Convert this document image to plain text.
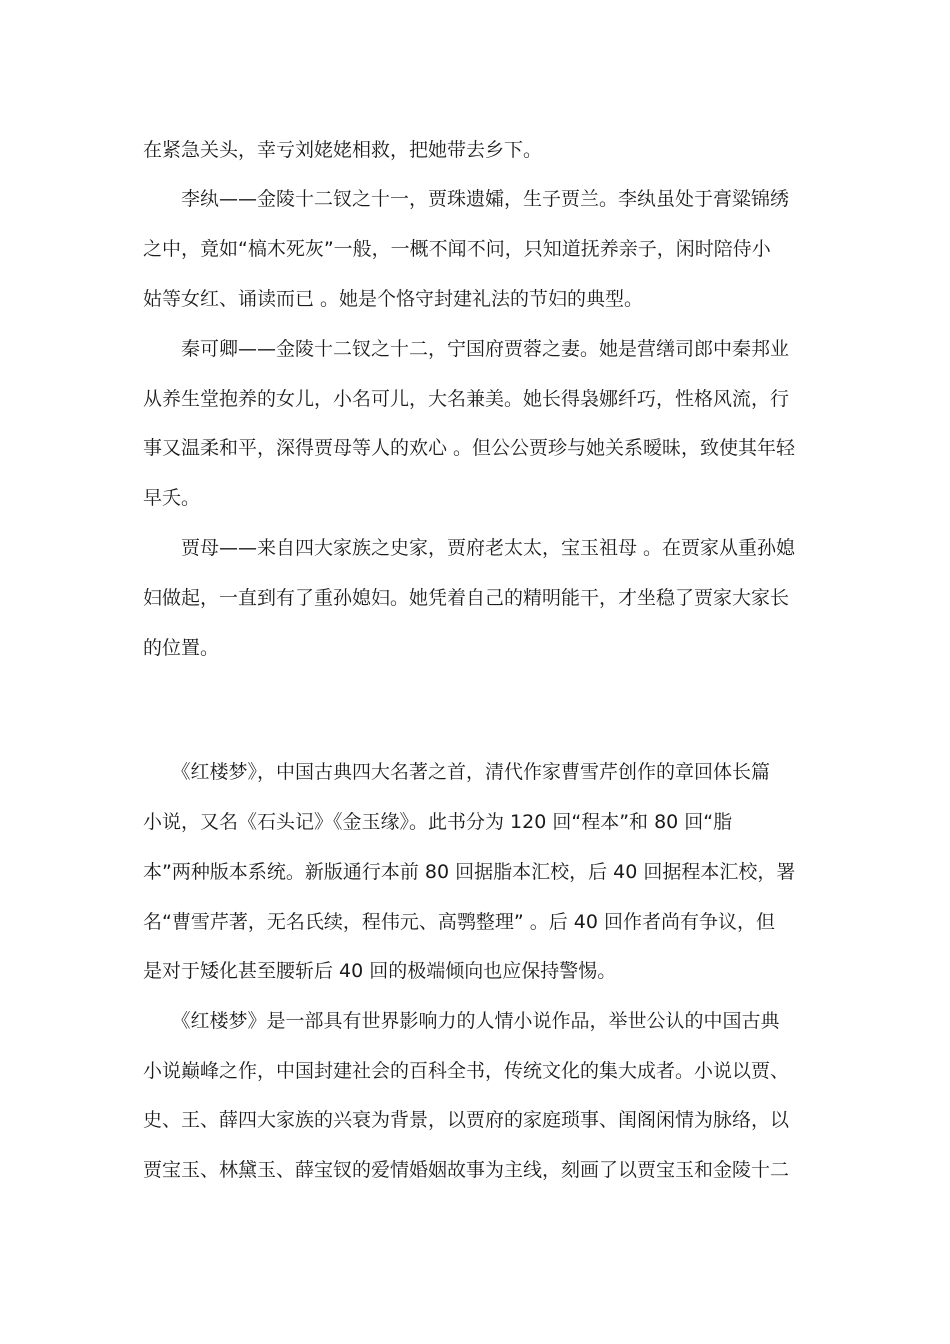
在紧急关头，幸亏刘姥姥相救，把她带去乡下。
　　李纨——金陵十二钗之十一，贾珠遗孀，生子贾兰。李纨虽处于膏粱锦绣
之中，竟如“槁木死灰”一般，一概不闻不问，只知道抚养亲子，闲时陪侍小
姑等女红、诵读而已 。她是个恪守封建礼法的节妇的典型。
　　秦可卿——金陵十二钗之十二，宁国府贾蓉之妻。她是营缮司郎中秦邦业
从养生堂抱养的女儿，小名可儿，大名兼美。她长得袅娜纤巧，性格风流，行
事又温柔和平，深得贾母等人的欢心 。但公公贾珍与她关系暧昧，致使其年轻
早夭。
　　贾母——来自四大家族之史家，贾府老太太，宝玉祖母 。在贾家从重孙媳
妇做起，一直到有了重孙媳妇。她凭着自己的精明能干，才坐稳了贾家大家长
的位置。
　　《红楼梦》，中国古典四大名著之首，清代作家曹雪芹创作的章回体长篇
小说，又名《石头记》《金玉缘》。此书分为 120 回“程本”和 80 回“脂
本”两种版本系统。新版通行本前 80 回据脂本汇校，后 40 回据程本汇校，署
名“曹雪芹著，无名氏续，程伟元、高鹗整理” 。后 40 回作者尚有争议，但
是对于矮化甚至腰斩后 40 回的极端倾向也应保持警惕。
　　《红楼梦》是一部具有世界影响力的人情小说作品，举世公认的中国古典
小说巅峰之作，中国封建社会的百科全书，传统文化的集大成者。小说以贾、
史、王、薛四大家族的兴衰为背景，以贾府的家庭琐事、闺阁闲情为脉络，以
贾宝玉、林黛玉、薛宝钗的爱情婚姻故事为主线，刻画了以贾宝玉和金陵十二
